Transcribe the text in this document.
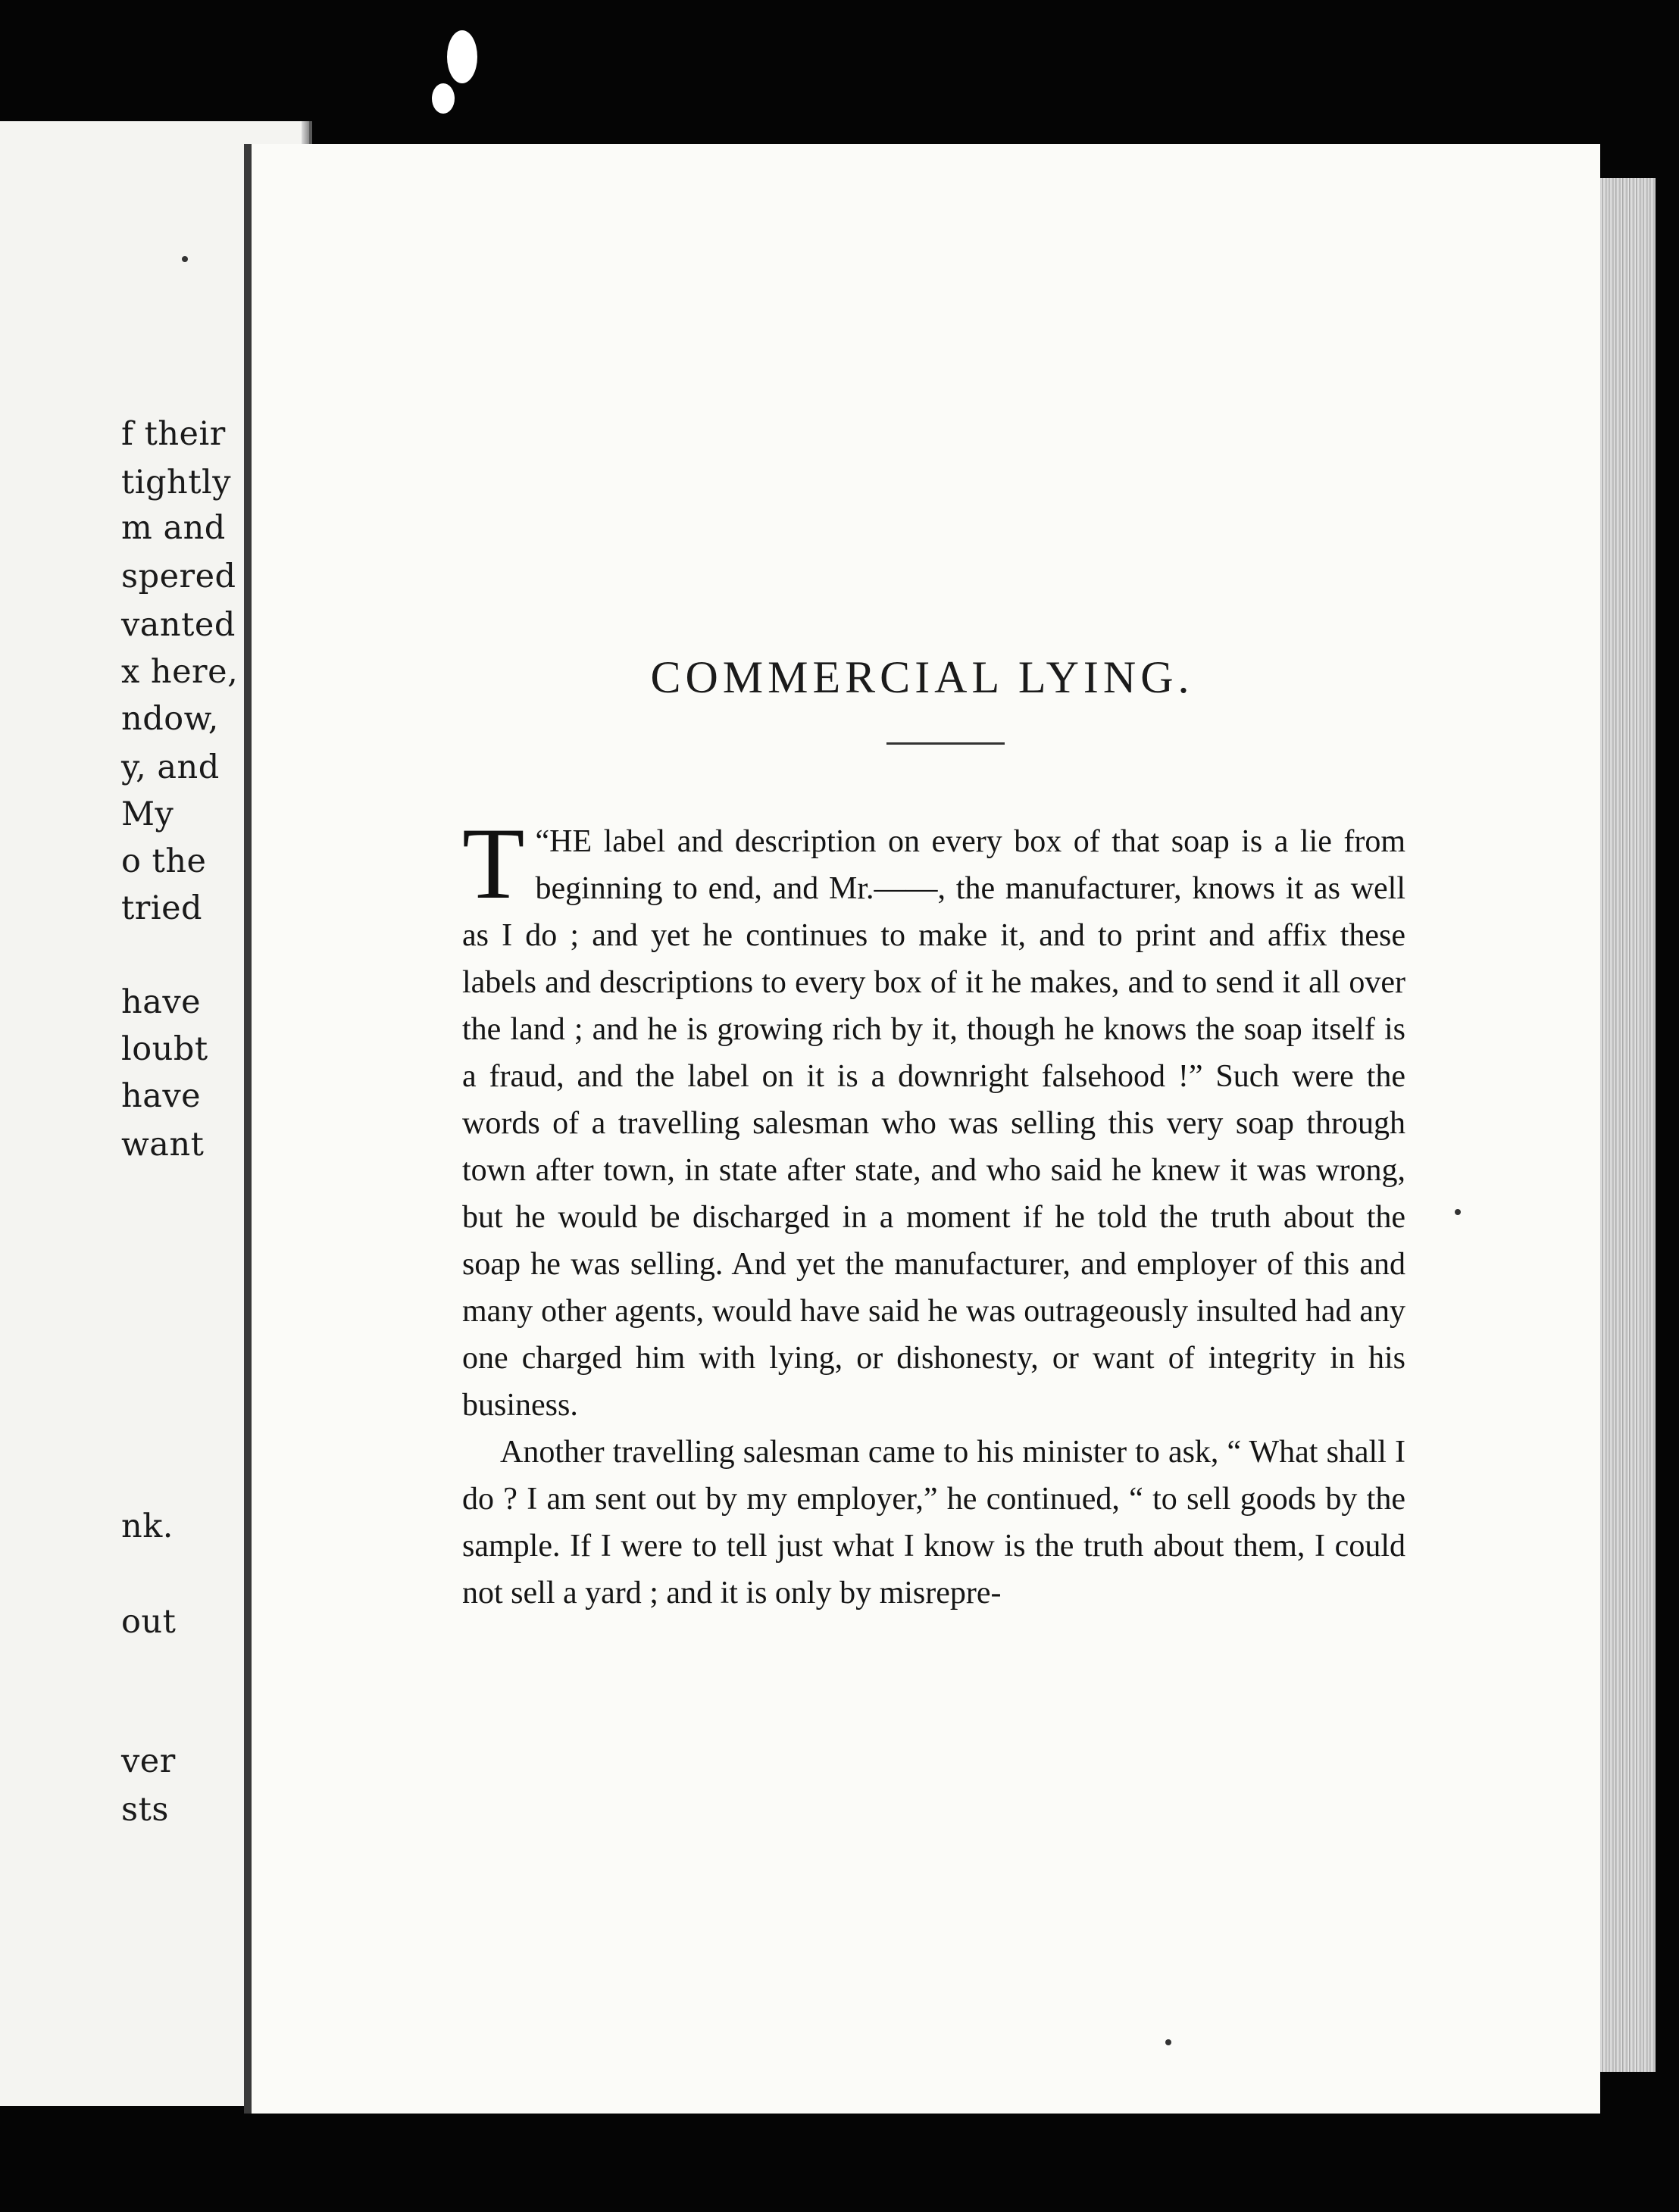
f their
tightly
m and
spered
vanted
x here,
ndow,
y, and
My
o the
tried
have
loubt
have
want
nk.
out
ver
sts
COMMERCIAL LYING.

“
T HE label and description on every box of that soap is a lie from beginning to end, and Mr.——, the manufacturer, knows it as well as I do ; and yet he continues to make it, and to print and affix these labels and descriptions to every box of it he makes, and to send it all over the land ; and he is growing rich by it, though he knows the soap itself is a fraud, and the label on it is a downright falsehood !” Such were the words of a travelling salesman who was selling this very soap through town after town, in state after state, and who said he knew it was wrong, but he would be discharged in a moment if he told the truth about the soap he was selling. And yet the manufacturer, and employer of this and many other agents, would have said he was outrageously insulted had any one charged him with lying, or dishonesty, or want of integrity in his business.

Another travelling salesman came to his minister to ask, “ What shall I do ? I am sent out by my employer,” he continued, “ to sell goods by the sample. If I were to tell just what I know is the truth about them, I could not sell a yard ; and it is only by misrepre-
